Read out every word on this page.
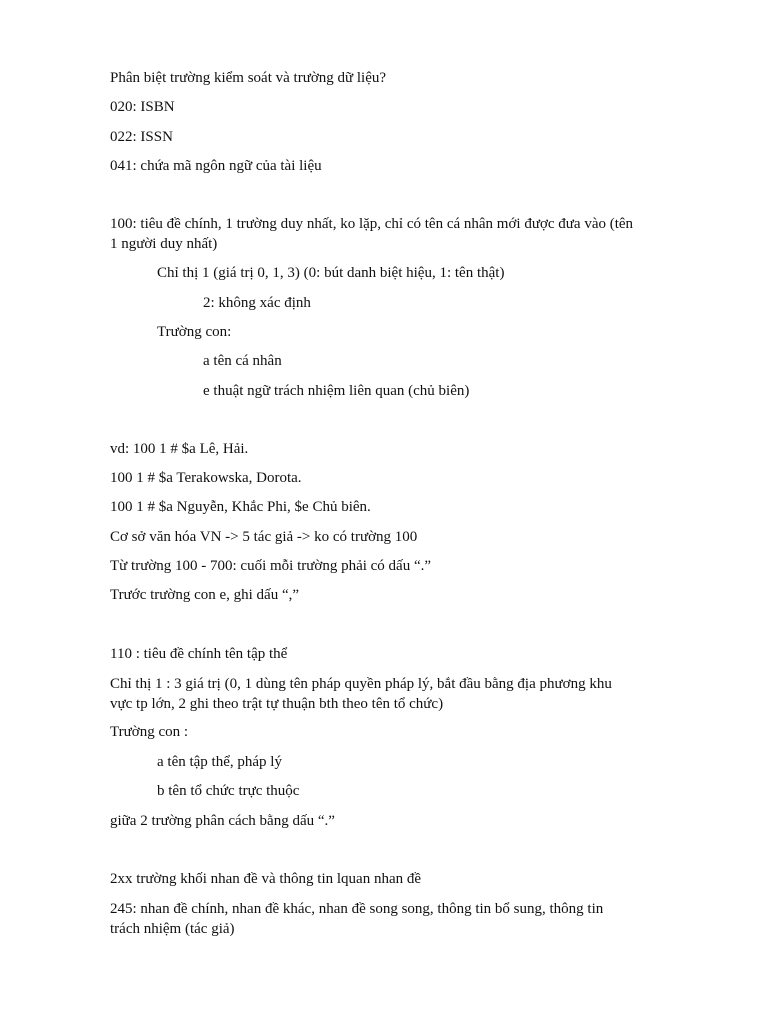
Phân biệt trường kiểm soát và trường dữ liệu?
020: ISBN
022: ISSN
041: chứa mã ngôn ngữ của tài liệu
100: tiêu đề chính, 1 trường duy nhất, ko lặp, chỉ có tên cá nhân mới được đưa vào (tên
1 người duy nhất)
Chỉ thị 1 (giá trị 0, 1, 3) (0: bút danh biệt hiệu, 1: tên thật)
2: không xác định
Trường con:
a tên cá nhân
e thuật ngữ trách nhiệm liên quan (chủ biên)
vd: 100 1 # $a Lê, Hải.
100 1 # $a Terakowska, Dorota.
100 1 # $a Nguyễn, Khắc Phi, $e Chủ biên.
Cơ sở văn hóa VN -> 5 tác giả -> ko có trường 100
Từ trường 100 - 700: cuối mỗi trường phải có dấu “.”
Trước trường con e, ghi dấu “,”
110 : tiêu đề chính tên tập thể
Chỉ thị 1 : 3 giá trị (0, 1 dùng tên pháp quyền pháp lý, bắt đầu bằng địa phương khu
vực tp lớn, 2 ghi theo trật tự thuận bth theo tên tổ chức)
Trường con :
a tên tập thể, pháp lý
b tên tổ chức trực thuộc
giữa 2 trường phân cách bằng dấu “.”
2xx trường khối nhan đề và thông tin lquan nhan đề
245: nhan đề chính, nhan đề khác, nhan đề song song, thông tin bổ sung, thông tin
trách nhiệm (tác giả)
